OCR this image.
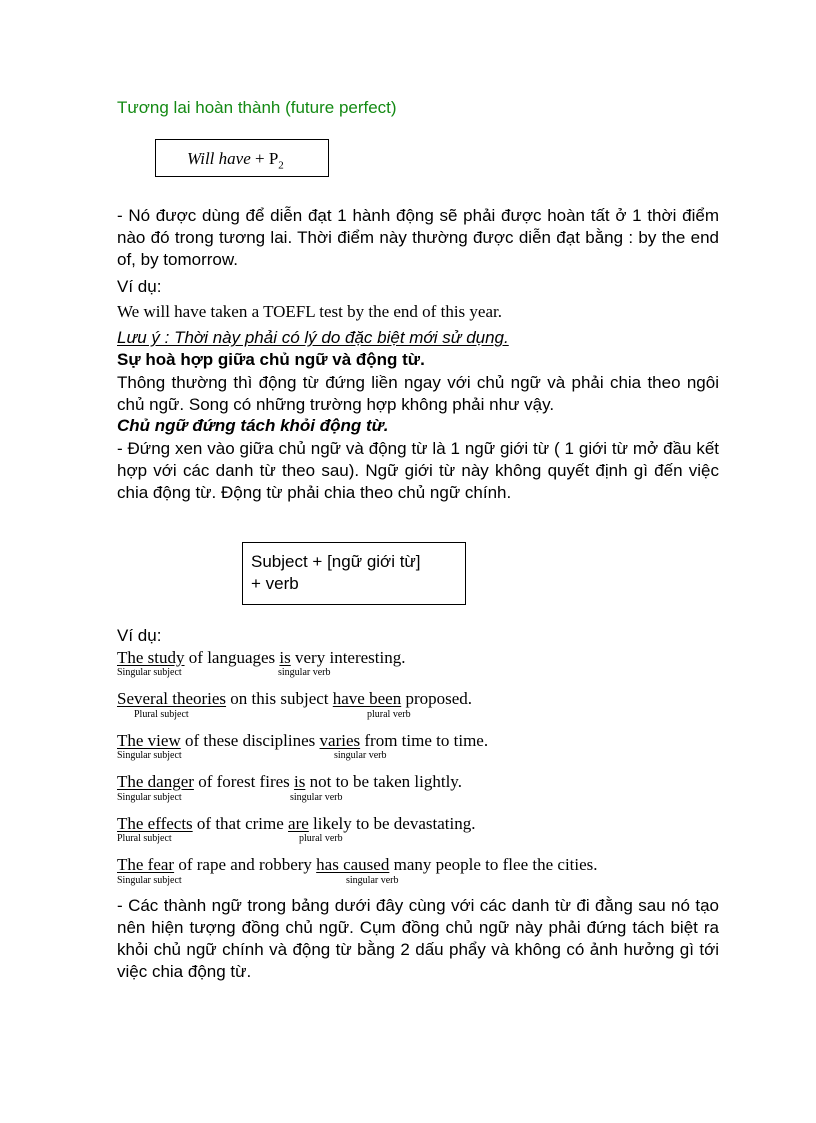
Tương lai hoàn thành (future perfect)
Will have + $P_2$
- Nó được dùng để diễn đạt 1 hành động sẽ phải được hoàn tất ở 1 thời điểm nào đó trong tương lai. Thời điểm này thường được diễn đạt bằng : by the end of, by tomorrow.
Ví dụ:
We will have taken a TOEFL test by the end of this year.
Lưu ý : Thời này phải có lý do đặc biệt mới sử dụng.
Sự hoà hợp giữa chủ ngữ và động từ.
Thông thường thì động từ đứng liền ngay với chủ ngữ và phải chia theo ngôi chủ ngữ. Song có những trường hợp không phải như vậy.
Chủ ngữ đứng tách khỏi động từ.
- Đứng xen vào giữa chủ ngữ và động từ là 1 ngữ giới từ ( 1 giới từ mở đầu kết hợp với các danh từ theo sau). Ngữ giới từ này không quyết định gì đến việc chia động từ. Động từ phải chia theo chủ ngữ chính.
Subject + [ngữ giới từ]
+ verb
Ví dụ:
The study of languages is very interesting.
Singular subject	singular verb
Several theories on this subject have been proposed.
Plural subject	plural verb
The view of these disciplines varies from time to time.
Singular subject	singular verb
The danger of forest fires is not to be taken lightly.
Singular subject	singular verb
The effects of that crime are likely to be devastating.
Plural subject	plural verb
The fear of rape and robbery has caused many people to flee the cities.
Singular subject	singular verb
- Các thành ngữ trong bảng dưới đây cùng với các danh từ đi đằng sau nó tạo nên hiện tượng đồng chủ ngữ. Cụm đồng chủ ngữ này phải đứng tách biệt ra khỏi chủ ngữ chính và động từ bằng 2 dấu phẩy và không có ảnh hưởng gì tới việc chia động từ.
